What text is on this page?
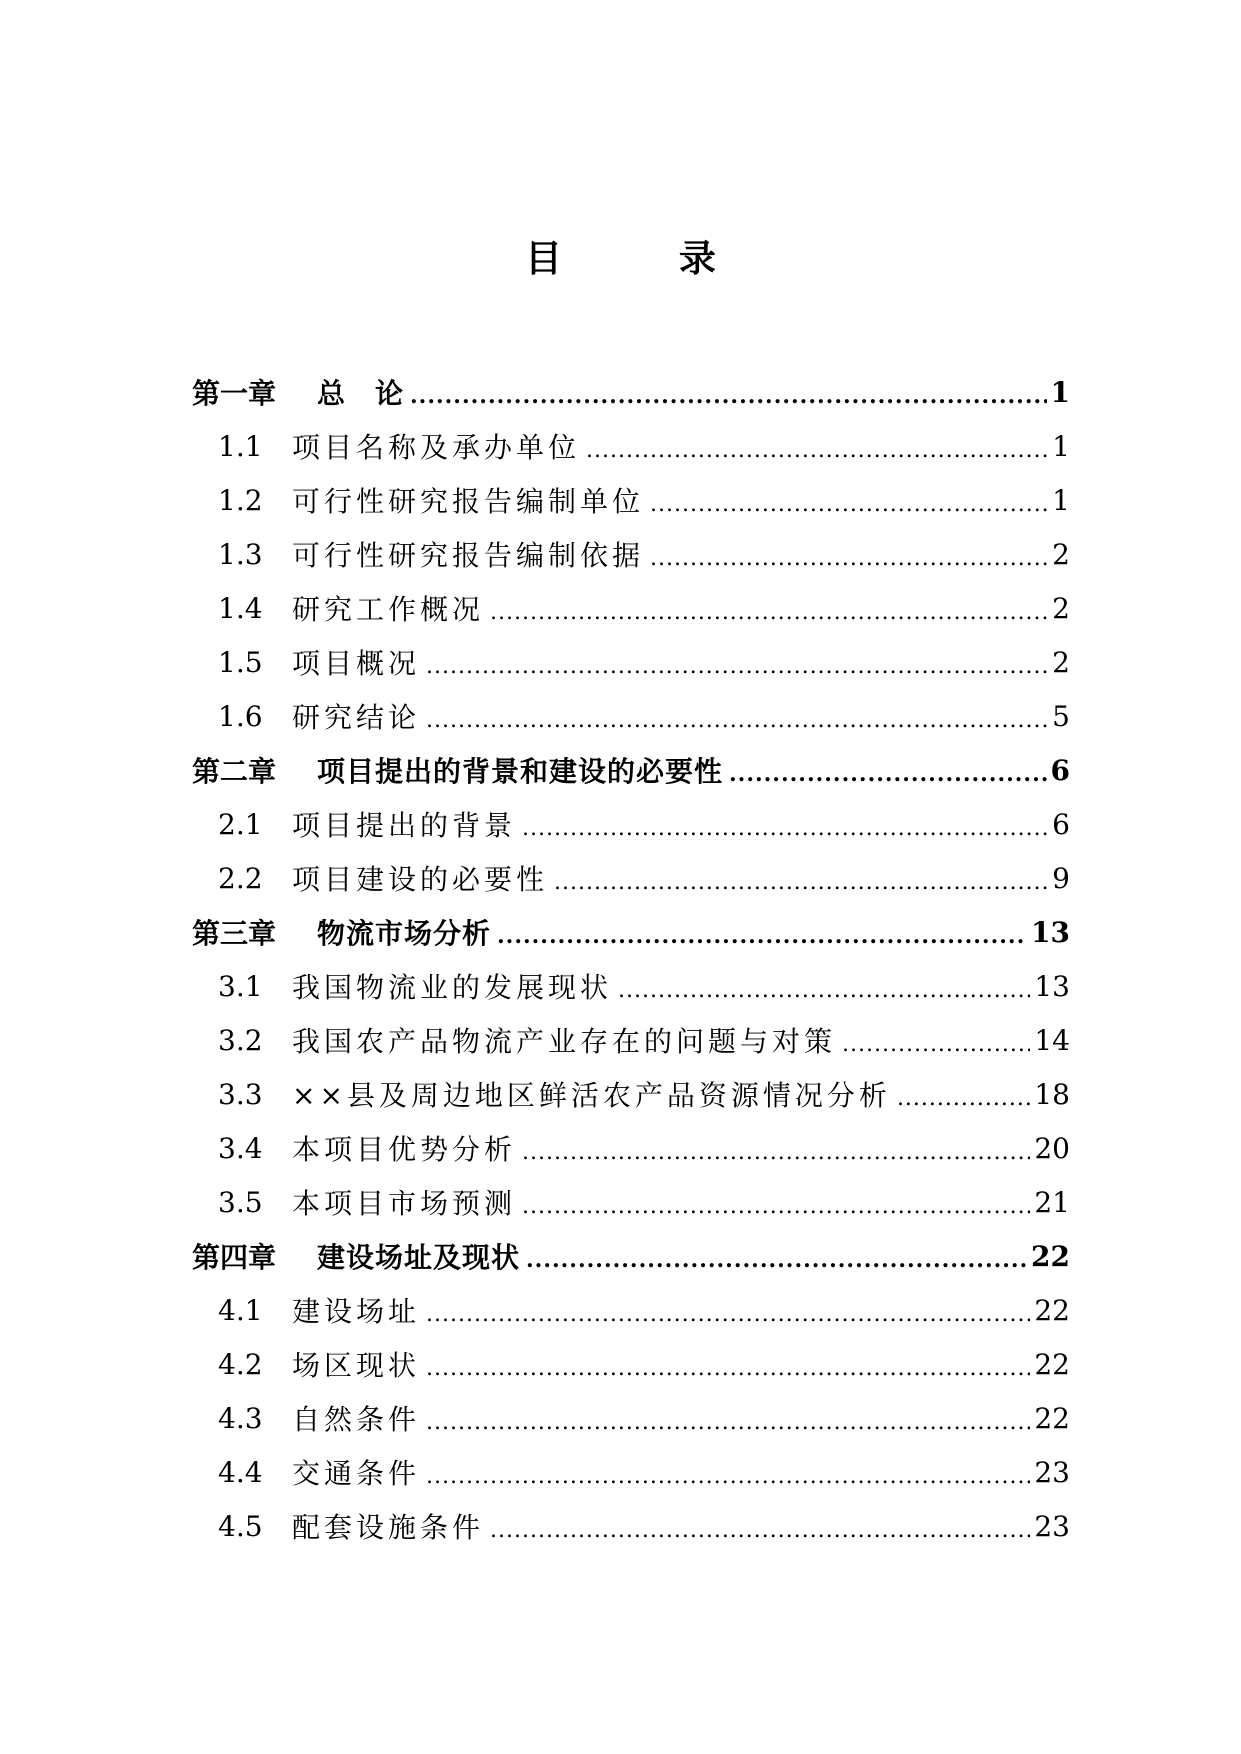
目 录
第一章	总　论 .....	1
1.1	项目名称及承办单位 .....	1
1.2	可行性研究报告编制单位 .....	1
1.3	可行性研究报告编制依据 .....	2
1.4	研究工作概况 .....	2
1.5	项目概况 .....	2
1.6	研究结论 .....	5
第二章	项目提出的背景和建设的必要性 .....	6
2.1	项目提出的背景 .....	6
2.2	项目建设的必要性 .....	9
第三章	物流市场分析 .....	13
3.1	我国物流业的发展现状 .....	13
3.2	我国农产品物流产业存在的问题与对策 .....	14
3.3	××县及周边地区鲜活农产品资源情况分析 .....	18
3.4	本项目优势分析 .....	20
3.5	本项目市场预测 .....	21
第四章	建设场址及现状 .....	22
4.1	建设场址 .....	22
4.2	场区现状 .....	22
4.3	自然条件 .....	22
4.4	交通条件 .....	23
4.5	配套设施条件 .....	23
